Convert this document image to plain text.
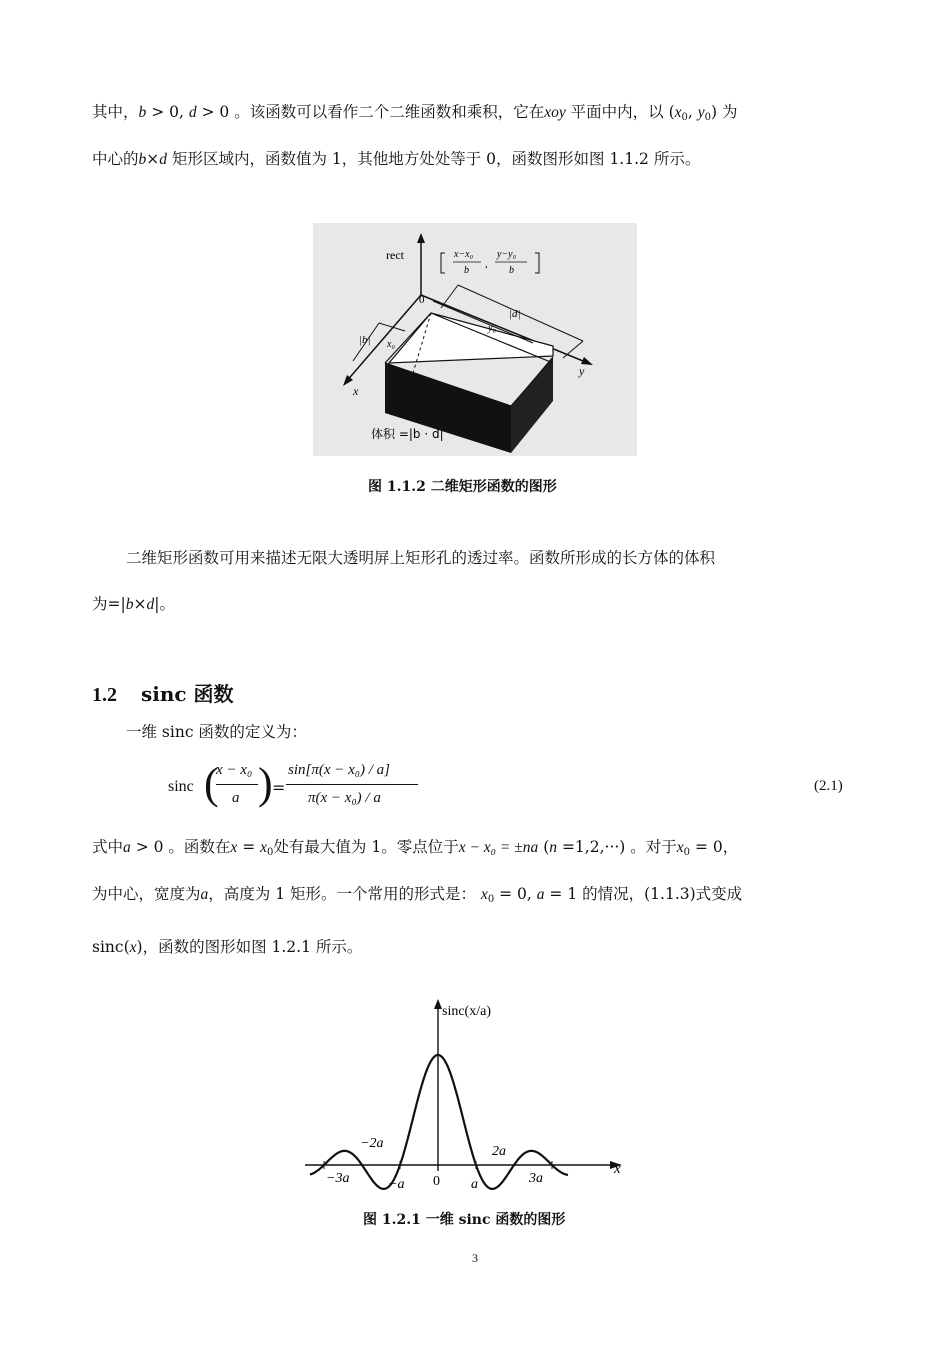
其中，b > 0, d > 0 。该函数可以看作二个二维函数和乘积，它在xoy 平面中内，以 ($x_0$, $y_0$) 为
中心的b×d 矩形区域内，函数值为 1，其他地方处处等于 0，函数图形如图 1.1.2 所示。
rect	x−x₀
b
,
y−y₀
b
0
|b|
|d|
x₀
y₀
x
y
体积 =|b · d|
图 1.1.2 二维矩形函数的图形
二维矩形函数可用来描述无限大透明屏上矩形孔的透过率。函数所形成的长方体的体积
为=|b×d|。
1.2 sinc 函数
一维 sinc 函数的定义为：
sinc (
x − x₀
a ) =
sin[π(x − x₀) / a]
π(x − x₀) / a
(2.1)
式中a > 0 。函数在$x = x_0$处有最大值为 1。零点位于x − x₀ = ±na (n =1,2,···) 。对于$x_0 = 0$，
为中心，宽度为a，高度为 1 矩形。一个常用的形式是： $x_0 = 0$, a = 1 的情况，(1.1.3)式变成
sinc(x)，函数的图形如图 1.2.1 所示。
sinc(x/a)
x
−3a	−a 0 a	3a
−2a
2a
图 1.2.1 一维 sinc 函数的图形
3
